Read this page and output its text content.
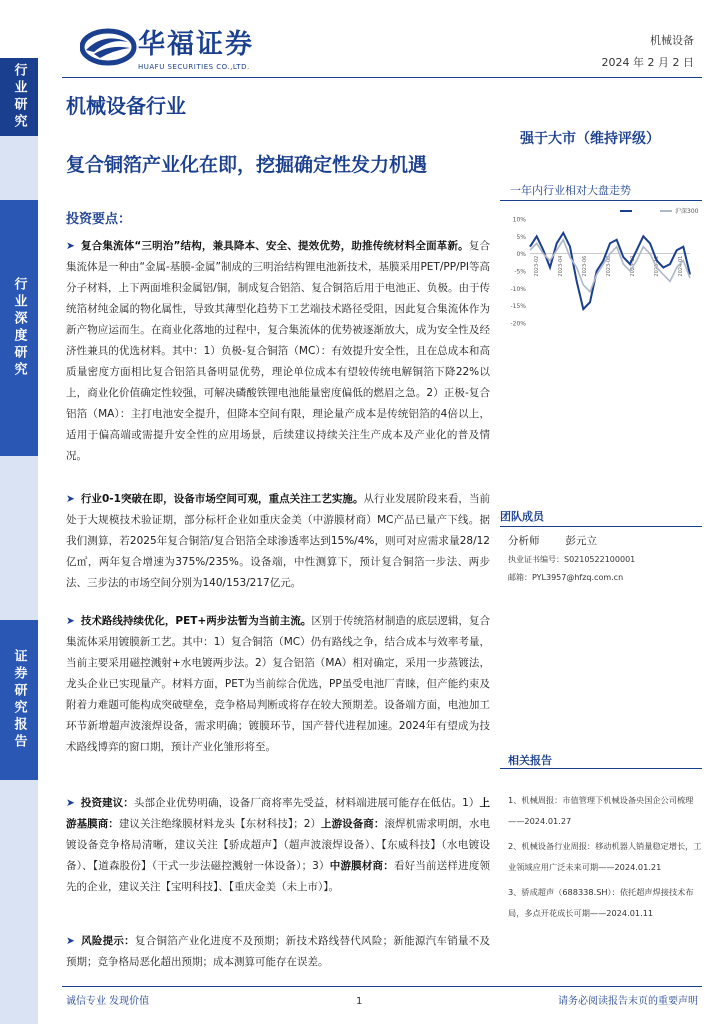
行业研究
行业深度研究
证券研究报告
华福证券
HUAFU SECURITIES CO.,LTD.
机械设备
2024 年 2 月 2 日
机械设备行业
强于大市（维持评级）
复合铜箔产业化在即，挖掘确定性发力机遇
一年内行业相对大盘走势
10%
5%
0%
-5%
-10%
-15%
-20%
2023-02	2023-04	2023-06	2023-08	2023-10	2023-12	2024-01
沪深300
投资要点：
➤ 复合集流体“三明治”结构，兼具降本、安全、提效优势，助推传统材料全面革新。复合集流体是一种由“金属-基膜-金属”制成的三明治结构锂电池新技术，基膜采用PET/PP/PI等高分子材料，上下两面堆积金属铝/铜，制成复合铝箔、复合铜箔后用于电池正、负极。由于传统箔材纯金属的物化属性，导致其薄型化趋势下工艺端技术路径受阻，因此复合集流体作为新产物应运而生。在商业化落地的过程中，复合集流体的优势被逐渐放大，成为安全性及经济性兼具的优选材料。其中：1）负极-复合铜箔（MC）：有效提升安全性，且在总成本和高质量密度方面相比复合铝箔具备明显优势，理论单位成本有望较传统电解铜箔下降22%以上，商业化价值确定性较强，可解决磷酸铁锂电池能量密度偏低的燃眉之急。2）正极-复合铝箔（MA）：主打电池安全提升，但降本空间有限，理论量产成本是传统铝箔的4倍以上，适用于偏高端或需提升安全性的应用场景，后续建议持续关注生产成本及产业化的普及情况。
➤ 行业0-1突破在即，设备市场空间可观，重点关注工艺实施。从行业发展阶段来看，当前处于大规模技术验证期，部分标杆企业如重庆金美（中游膜材商）MC产品已量产下线。据我们测算，若2025年复合铜箔/复合铝箔全球渗透率达到15%/4%，则可对应需求量28/12亿㎡，两年复合增速为375%/235%。设备端，中性测算下，预计复合铜箔一步法、两步法、三步法的市场空间分别为140/153/217亿元。
➤ 技术路线持续优化，PET+两步法暂为当前主流。区别于传统箔材制造的底层逻辑，复合集流体采用镀膜新工艺。其中：1）复合铜箔（MC）仍有路线之争，结合成本与效率考量，当前主要采用磁控溅射+水电镀两步法。2）复合铝箔（MA）相对确定，采用一步蒸镀法，龙头企业已实现量产。材料方面，PET为当前综合优选，PP虽受电池厂青睐，但产能约束及附着力难题可能构成突破壁垒，竞争格局判断或将存在较大预期差。设备端方面，电池加工环节新增超声波滚焊设备，需求明确；镀膜环节，国产替代进程加速。2024年有望成为技术路线博弈的窗口期，预计产业化雏形将至。
➤ 投资建议：头部企业优势明确，设备厂商将率先受益，材料端进展可能存在低估。1）上游基膜商：建议关注绝缘膜材料龙头【东材科技】；2）上游设备商：滚焊机需求明朗，水电镀设备竞争格局清晰，建议关注【骄成超声】（超声波滚焊设备）、【东威科技】（水电镀设备）、【道森股份】（干式一步法磁控溅射一体设备）；3）中游膜材商：看好当前送样进度领先的企业，建议关注【宝明科技】、【重庆金美（未上市）】。
➤ 风险提示：复合铜箔产业化进度不及预期；新技术路线替代风险；新能源汽车销量不及预期；竞争格局恶化超出预期；成本测算可能存在误差。
团队成员
分析师 彭元立
执业证书编号：S0210522100001
邮箱：PYL3957@hfzq.com.cn
相关报告
1、机械周报：市值管理下机械设备央国企公司梳理——2024.01.27
2、机械设备行业周报：移动机器人销量稳定增长，工业领域应用广泛未来可期——2024.01.21
3、骄成超声（688338.SH）：依托超声焊接技术布局，多点开花成长可期——2024.01.11
诚信专业 发现价值	1	请务必阅读报告末页的重要声明
